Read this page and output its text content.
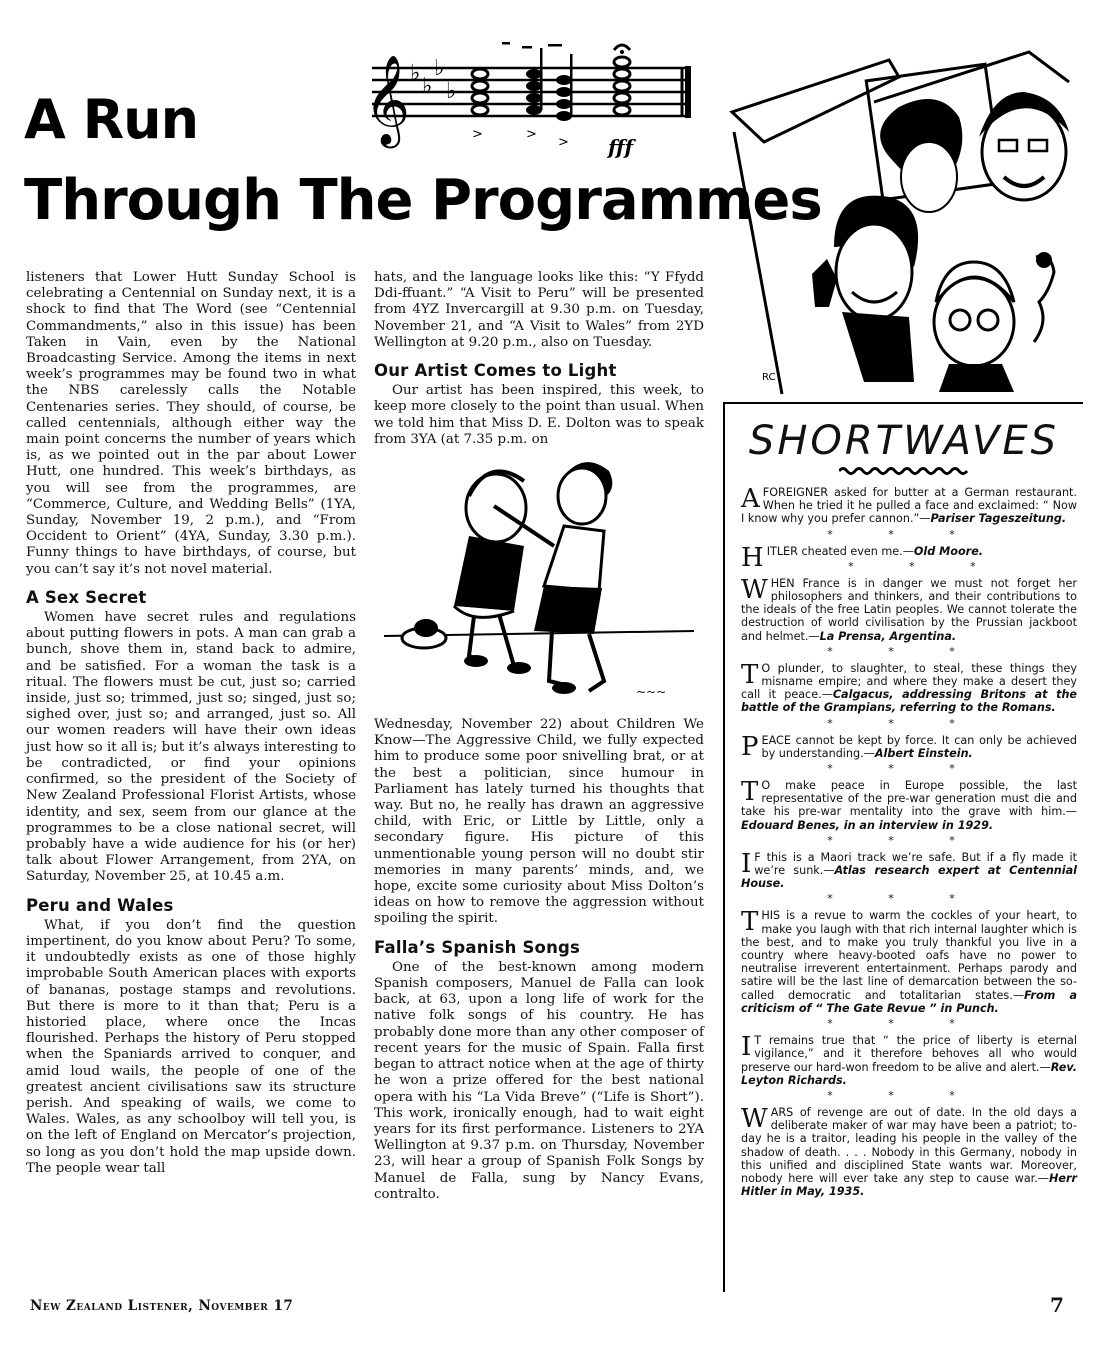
A Run
Through The Programmes
𝄞 ♭
♭
♭
♭
>	>
> fff
RC

listeners that Lower Hutt Sunday School is celebrating a Centennial on Sunday next, it is a shock to find that The Word (see “Centennial Commandments,” also in this issue) has been Taken in Vain, even by the National Broadcasting Service. Among the items in next week’s programmes may be found two in what the NBS carelessly calls the Notable Centenaries series. They should, of course, be called centennials, although either way the main point concerns the number of years which is, as we pointed out in the par about Lower Hutt, one hundred. This week’s birthdays, as you will see from the programmes, are “Commerce, Culture, and Wedding Bells” (1YA, Sunday, November 19, 2 p.m.), and “From Occident to Orient” (4YA, Sunday, 3.30 p.m.). Funny things to have birthdays, of course, but you can’t say it’s not novel material.

A Sex Secret

Women have secret rules and regulations about putting flowers in pots. A man can grab a bunch, shove them in, stand back to admire, and be satisfied. For a woman the task is a ritual. The flowers must be cut, just so; carried inside, just so; trimmed, just so; singed, just so; sighed over, just so; and arranged, just so. All our women readers will have their own ideas just how so it all is; but it’s always interesting to be contradicted, or find your opinions confirmed, so the president of the Society of New Zealand Professional Florist Artists, whose identity, and sex, seem from our glance at the programmes to be a close national secret, will probably have a wide audience for his (or her) talk about Flower Arrangement, from 2YA, on Saturday, November 25, at 10.45 a.m.

Peru and Wales

What, if you don’t find the question impertinent, do you know about Peru? To some, it undoubtedly exists as one of those highly improbable South American places with exports of bananas, postage stamps and revolutions. But there is more to it than that; Peru is a historied place, where once the Incas flourished. Perhaps the history of Peru stopped when the Spaniards arrived to conquer, and amid loud wails, the people of one of the greatest ancient civilisations saw its structure perish. And speaking of wails, we come to Wales. Wales, as any schoolboy will tell you, is on the left of England on Mercator’s projection, so long as you don’t hold the map upside down. The people wear tall

hats, and the language looks like this: “Y Ffydd Ddi-ffuant.” “A Visit to Peru” will be presented from 4YZ Invercargill at 9.30 p.m. on Tuesday, November 21, and “A Visit to Wales” from 2YD Wellington at 9.20 p.m., also on Tuesday.

Our Artist Comes to Light

Our artist has been inspired, this week, to keep more closely to the point than usual. When we told him that Miss D. E. Dolton was to speak from 3YA (at 7.35 p.m. on

~~~

Wednesday, November 22) about Children We Know—The Aggressive Child, we fully expected him to produce some poor snivelling brat, or at the best a politician, since humour in Parliament has lately turned his thoughts that way. But no, he really has drawn an aggressive child, with Eric, or Little by Little, only a secondary figure. His picture of this unmentionable young person will no doubt stir memories in many parents’ minds, and, we hope, excite some curiosity about Miss Dolton’s ideas on how to remove the aggression without spoiling the spirit.

Falla’s Spanish Songs

One of the best-known among modern Spanish composers, Manuel de Falla can look back, at 63, upon a long life of work for the native folk songs of his country. He has probably done more than any other composer of recent years for the music of Spain. Falla first began to attract notice when at the age of thirty he won a prize offered for the best national opera with his “La Vida Breve” (“Life is Short”). This work, ironically enough, had to wait eight years for its first performance. Listeners to 2YA Wellington at 9.37 p.m. on Thursday, November 23, will hear a group of Spanish Folk Songs by Manuel de Falla, sung by Nancy Evans, contralto.

SHORTWAVES
A FOREIGNER asked for butter at a German restaurant. When he tried it he pulled a face and exclaimed: “ Now I know why you prefer cannon.”—Pariser Tageszeitung.
* * *
HITLER cheated even me.—Old Moore.
* * *
WHEN France is in danger we must not forget her philosophers and thinkers, and their contributions to the ideals of the free Latin peoples. We cannot tolerate the destruction of world civilisation by the Prussian jackboot and helmet.—La Prensa, Argentina.
* * *
T O plunder, to slaughter, to steal, these things they misname empire; and where they make a desert they call it peace.—Calgacus, addressing Britons at the battle of the Grampians, referring to the Romans.
* * *
PEACE cannot be kept by force. It can only be achieved by understanding.—Albert Einstein.
* * *
T O make peace in Europe possible, the last representative of the pre-war generation must die and take his pre-war mentality into the grave with him.—Edouard Benes, in an interview in 1929.
* * *
I F this is a Maori track we’re safe. But if a fly made it we’re sunk.—Atlas research expert at Centennial House.
* * *
THIS is a revue to warm the cockles of your heart, to make you laugh with that rich internal laughter which is the best, and to make you truly thankful you live in a country where heavy-booted oafs have no power to neutralise irreverent entertainment. Perhaps parody and satire will be the last line of demarcation between the so-called democratic and totalitarian states.—From a criticism of “ The Gate Revue ” in Punch.
* * *
I T remains true that “ the price of liberty is eternal vigilance,” and it therefore behoves all who would preserve our hard-won freedom to be alive and alert.—Rev. Leyton Richards.
* * *
WARS of revenge are out of date. In the old days a deliberate maker of war may have been a patriot; to-day he is a traitor, leading his people in the valley of the shadow of death. . . . Nobody in this Germany, nobody in this unified and disciplined State wants war. Moreover, nobody here will ever take any step to cause war.—Herr Hitler in May, 1935.
New Zealand Listener, November 17	7
